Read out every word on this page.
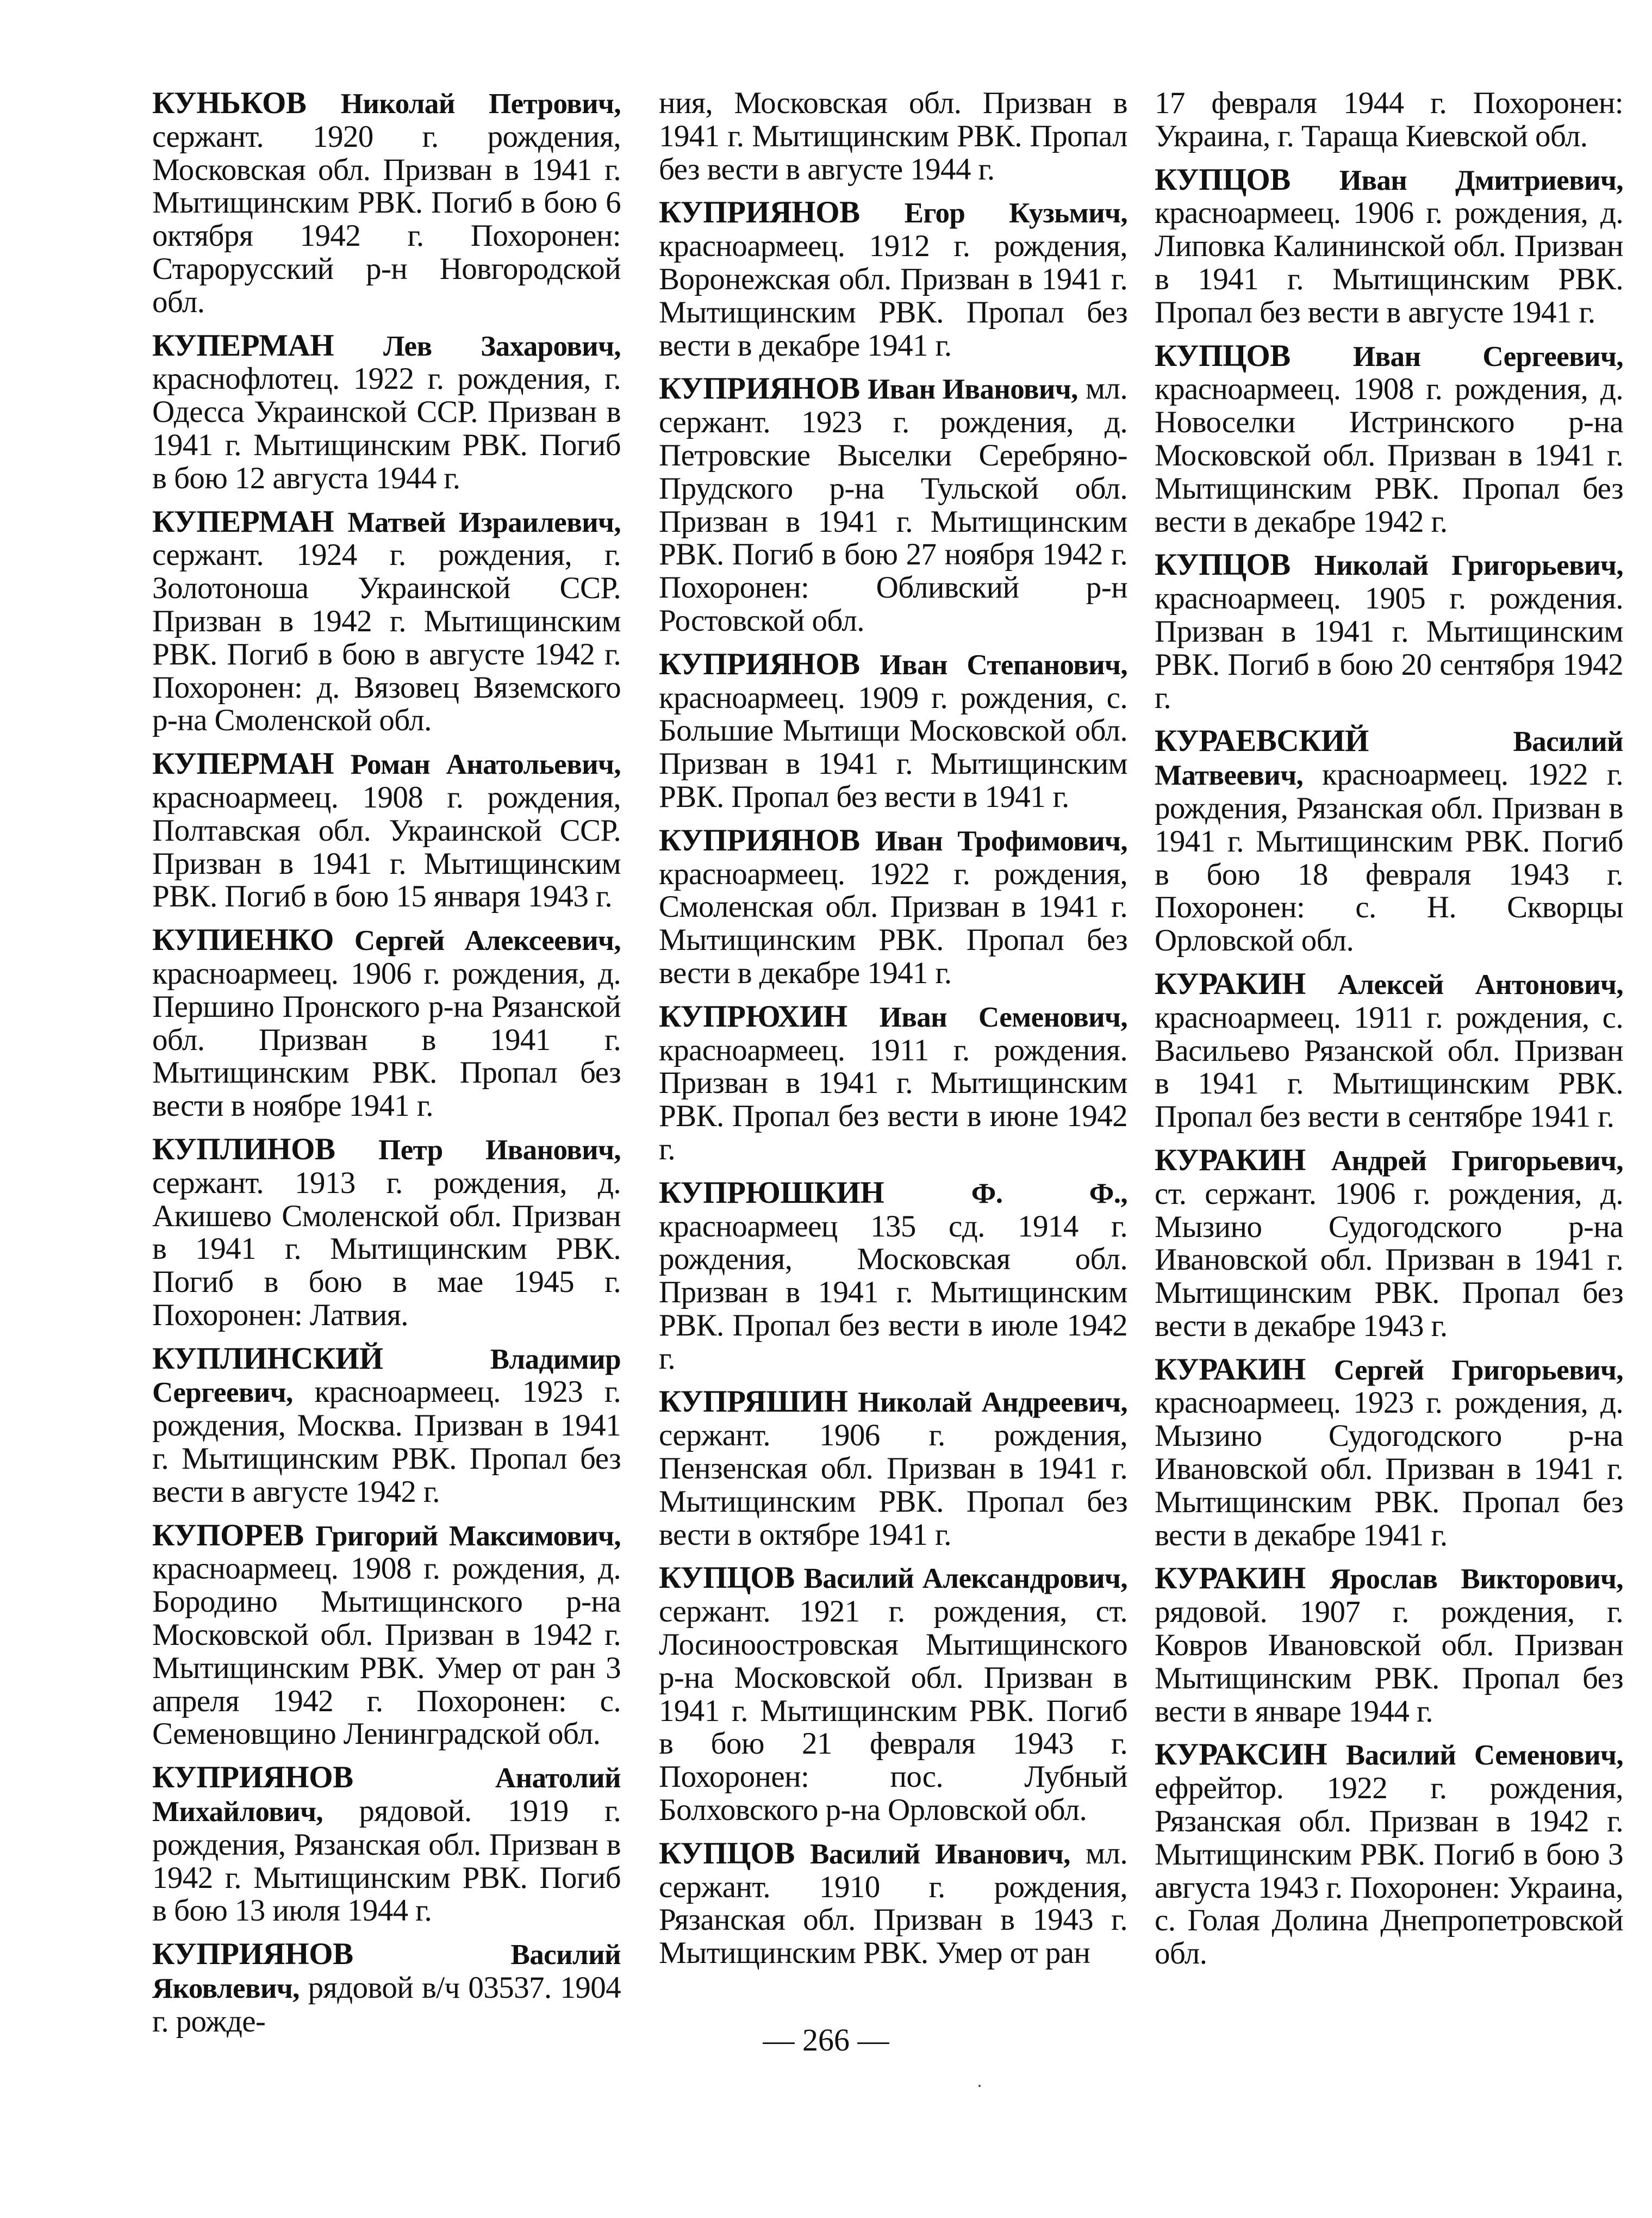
КУНЬКОВ Николай Петрович, сержант. 1920 г. рождения, Московская обл. Призван в 1941 г. Мытищинским РВК. Погиб в бою 6 октября 1942 г. Похоронен: Старорусский р-н Новгородской обл.

КУПЕРМАН Лев Захарович, краснофлотец. 1922 г. рождения, г. Одесса Украинской ССР. Призван в 1941 г. Мытищинским РВК. Погиб в бою 12 августа 1944 г.

КУПЕРМАН Матвей Израилевич, сержант. 1924 г. рождения, г. Золотоноша Украинской ССР. Призван в 1942 г. Мытищинским РВК. Погиб в бою в августе 1942 г. Похоронен: д. Вязовец Вяземского р-на Смоленской обл.

КУПЕРМАН Роман Анатольевич, красноармеец. 1908 г. рождения, Полтавская обл. Украинской ССР. Призван в 1941 г. Мытищинским РВК. Погиб в бою 15 января 1943 г.

КУПИЕНКО Сергей Алексеевич, красноармеец. 1906 г. рождения, д. Першино Пронского р-на Рязанской обл. Призван в 1941 г. Мытищинским РВК. Пропал без вести в ноябре 1941 г.

КУПЛИНОВ Петр Иванович, сержант. 1913 г. рождения, д. Акишево Смоленской обл. Призван в 1941 г. Мытищинским РВК. Погиб в бою в мае 1945 г. Похоронен: Латвия.

КУПЛИНСКИЙ	Владимир Сергеевич, красноармеец. 1923 г. рождения, Москва. Призван в 1941 г. Мытищинским РВК. Пропал без вести в августе 1942 г.

КУПОРЕВ Григорий Максимович, красноармеец. 1908 г. рождения, д. Бородино Мытищинского р-на Московской обл. Призван в 1942 г. Мытищинским РВК. Умер от ран 3 апреля 1942 г. Похоронен: с. Семеновщино Ленинградской обл.

КУПРИЯНОВ	Анатолий Михайлович, рядовой. 1919 г. рождения, Рязанская обл. Призван в 1942 г. Мытищинским РВК. Погиб в бою 13 июля 1944 г.

КУПРИЯНОВ	Василий Яковлевич, рядовой в/ч 03537. 1904 г. рожде-

ния, Московская обл. Призван в 1941 г. Мытищинским РВК. Пропал без вести в августе 1944 г.

КУПРИЯНОВ Егор Кузьмич, красноармеец. 1912 г. рождения, Воронежская обл. Призван в 1941 г. Мытищинским РВК. Пропал без вести в декабре 1941 г.

КУПРИЯНОВ Иван Иванович, мл. сержант. 1923 г. рождения, д. Петровские Выселки Серебряно-Прудского р-на Тульской обл. Призван в 1941 г. Мытищинским РВК. Погиб в бою 27 ноября 1942 г. Похоронен: Обливский р-н Ростовской обл.

КУПРИЯНОВ Иван Степанович, красноармеец. 1909 г. рождения, с. Большие Мытищи Московской обл. Призван в 1941 г. Мытищинским РВК. Пропал без вести в 1941 г.

КУПРИЯНОВ Иван Трофимович, красноармеец. 1922 г. рождения, Смоленская обл. Призван в 1941 г. Мытищинским РВК. Пропал без вести в декабре 1941 г.

КУПРЮХИН Иван Семенович, красноармеец. 1911 г. рождения. Призван в 1941 г. Мытищинским РВК. Пропал без вести в июне 1942 г.

КУПРЮШКИН	Ф. Ф., красноармеец 135 сд. 1914 г. рождения, Московская обл. Призван в 1941 г. Мытищинским РВК. Пропал без вести в июле 1942 г.

КУПРЯШИН Николай Андреевич, сержант. 1906 г. рождения, Пензенская обл. Призван в 1941 г. Мытищинским РВК. Пропал без вести в октябре 1941 г.

КУПЦОВ Василий Александрович, сержант. 1921 г. рождения, ст. Лосиноостровская Мытищинского р-на Московской обл. Призван в 1941 г. Мытищинским РВК. Погиб в бою 21 февраля 1943 г. Похоронен: пос. Лубный Болховского р-на Орловской обл.

КУПЦОВ Василий Иванович, мл. сержант. 1910 г. рождения, Рязанская обл. Призван в 1943 г. Мытищинским РВК. Умер от ран

17 февраля 1944 г. Похоронен: Украина, г. Таращa Киевской обл.

КУПЦОВ Иван Дмитриевич, красноармеец. 1906 г. рождения, д. Липовка Калининской обл. Призван в 1941 г. Мытищинским РВК. Пропал без вести в августе 1941 г.

КУПЦОВ Иван Сергеевич, красноармеец. 1908 г. рождения, д. Новоселки Истринского р-на Московской обл. Призван в 1941 г. Мытищинским РВК. Пропал без вести в декабре 1942 г.

КУПЦОВ Николай Григорьевич, красноармеец. 1905 г. рождения. Призван в 1941 г. Мытищинским РВК. Погиб в бою 20 сентября 1942 г.

КУРАЕВСКИЙ	Василий Матвеевич, красноармеец. 1922 г. рождения, Рязанская обл. Призван в 1941 г. Мытищинским РВК. Погиб в бою 18 февраля 1943 г. Похоронен: с. Н. Скворцы Орловской обл.

КУРАКИН Алексей Антонович, красноармеец. 1911 г. рождения, с. Васильево Рязанской обл. Призван в 1941 г. Мытищинским РВК. Пропал без вести в сентябре 1941 г.

КУРАКИН Андрей Григорьевич, ст. сержант. 1906 г. рождения, д. Мызино Судогодского р-на Ивановской обл. Призван в 1941 г. Мытищинским РВК. Пропал без вести в декабре 1943 г.

КУРАКИН Сергей Григорьевич, красноармеец. 1923 г. рождения, д. Мызино Судогодского р-на Ивановской обл. Призван в 1941 г. Мытищинским РВК. Пропал без вести в декабре 1941 г.

КУРАКИН Ярослав Викторович, рядовой. 1907 г. рождения, г. Ковров Ивановской обл. Призван Мытищинским РВК. Пропал без вести в январе 1944 г.

КУРАКСИН Василий Семенович, ефрейтор. 1922 г. рождения, Рязанская обл. Призван в 1942 г. Мытищинским РВК. Погиб в бою 3 августа 1943 г. Похоронен: Украина, с. Голая Долина Днепропетровской обл.

— 266 —
